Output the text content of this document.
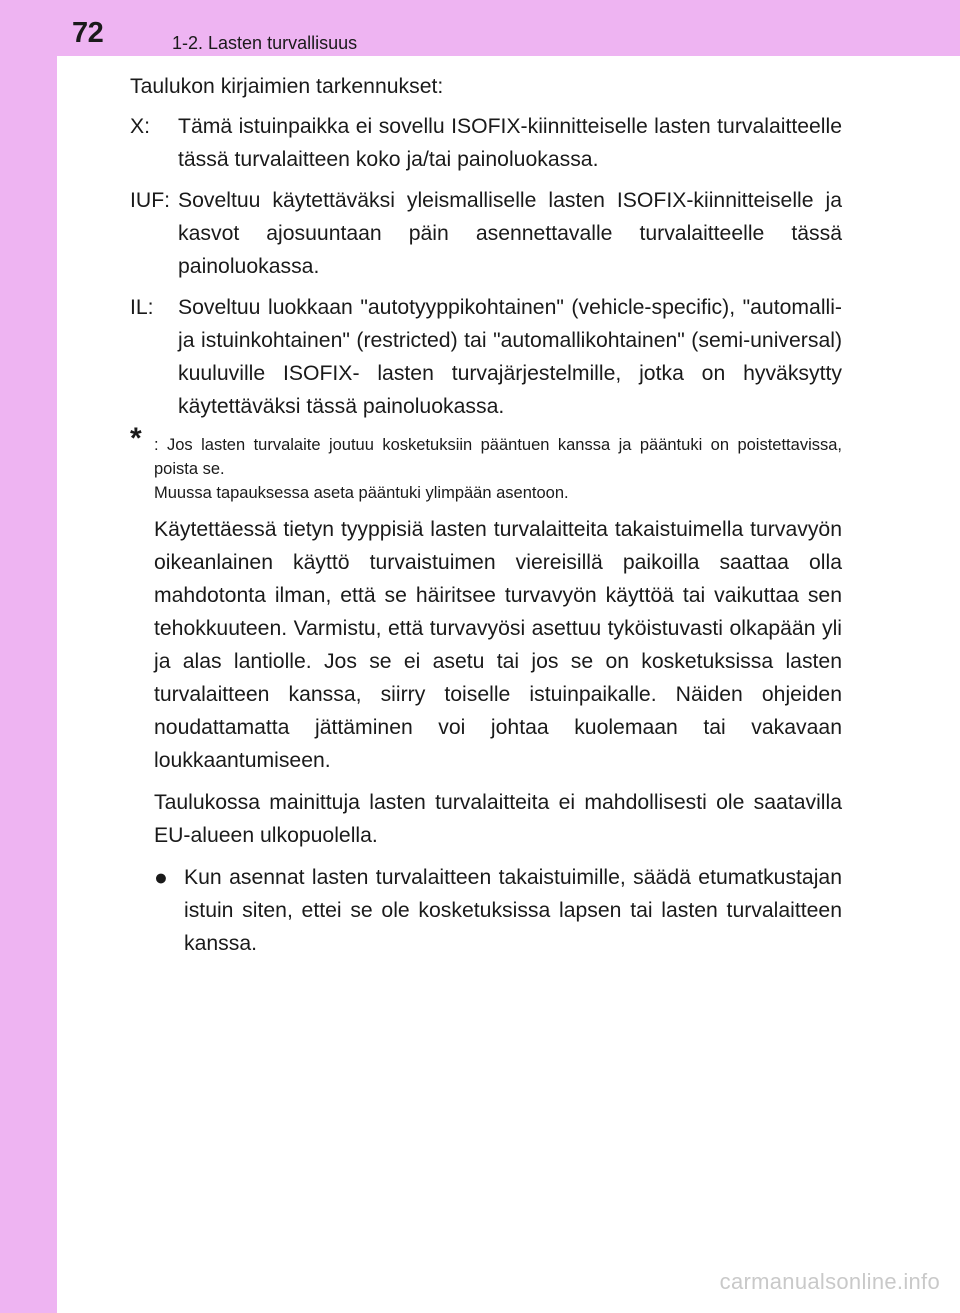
72	1-2. Lasten turvallisuus

Taulukon kirjaimien tarkennukset:

X:	Tämä istuinpaikka ei sovellu ISOFIX-kiinnitteiselle lasten turvalaitteelle tässä turvalaitteen koko ja/tai painoluokassa.
IUF: Soveltuu käytettäväksi yleismalliselle lasten ISOFIX-kiinnitteiselle ja kasvot ajosuuntaan päin asennettavalle turvalaitteelle tässä painoluokassa.
IL:	Soveltuu luokkaan "autotyyppikohtainen" (vehicle-specific), "automalli- ja istuinkohtainen" (restricted) tai "automallikohtainen" (semi-universal) kuuluville ISOFIX- lasten turvajärjestelmille, jotka on hyväksytty käytettäväksi tässä painoluokassa.
* : Jos lasten turvalaite joutuu kosketuksiin pääntuen kanssa ja pääntuki on poistettavissa, poista se.

Muussa tapauksessa aseta pääntuki ylimpään asentoon.

Käytettäessä tietyn tyyppisiä lasten turvalaitteita takaistuimella turvavyön oikeanlainen käyttö turvaistuimen viereisillä paikoilla saattaa olla mahdotonta ilman, että se häiritsee turvavyön käyttöä tai vaikuttaa sen tehokkuuteen. Varmistu, että turvavyösi asettuu tyköistuvasti olkapään yli ja alas lantiolle. Jos se ei asetu tai jos se on kosketuksissa lasten turvalaitteen kanssa, siirry toiselle istuinpaikalle. Näiden ohjeiden noudattamatta jättäminen voi johtaa kuolemaan tai vakavaan loukkaantumiseen.

Taulukossa mainittuja lasten turvalaitteita ei mahdollisesti ole saatavilla EU-alueen ulkopuolella.

● Kun asennat lasten turvalaitteen takaistuimille, säädä etumatkustajan istuin siten, ettei se ole kosketuksissa lapsen tai lasten turvalaitteen kanssa.
carmanualsonline.info
